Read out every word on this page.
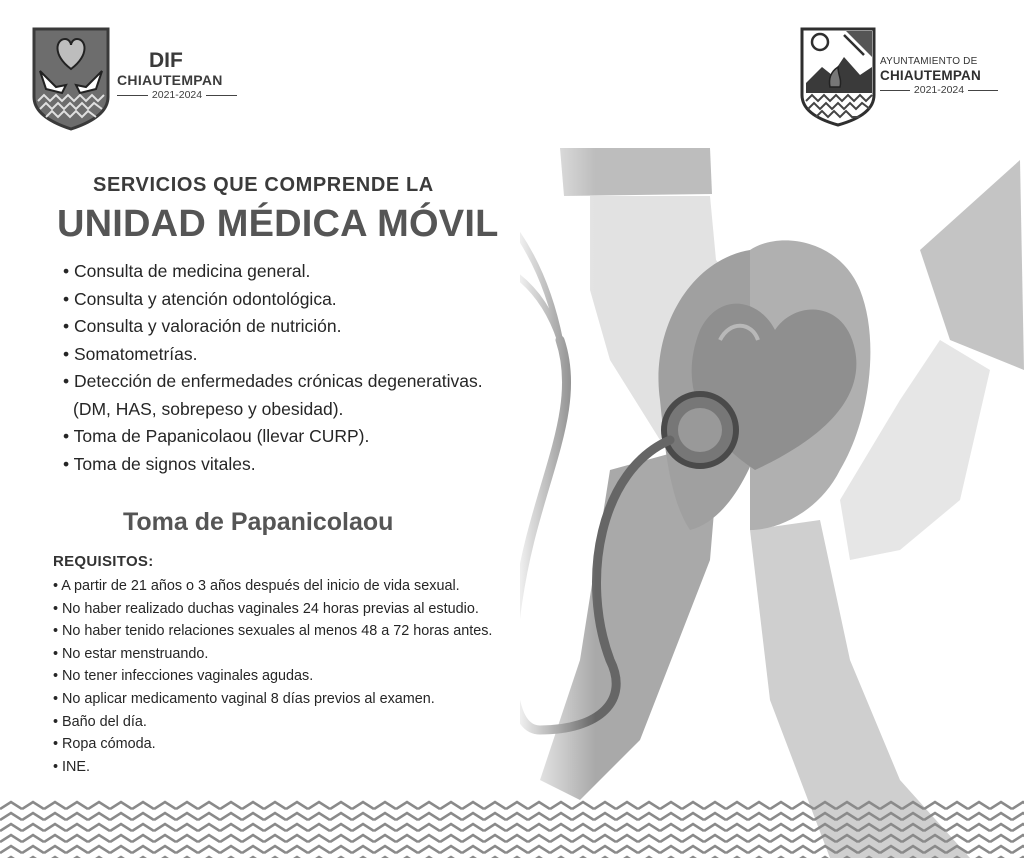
DIF
CHIAUTEMPAN
2021-2024
AYUNTAMIENTO DE
CHIAUTEMPAN
2021-2024
SERVICIOS QUE COMPRENDE LA
UNIDAD MÉDICA MÓVIL
• Consulta de medicina general.
• Consulta y atención odontológica.
• Consulta y valoración de nutrición.
• Somatometrías.
• Detección de enfermedades crónicas degenerativas.
(DM, HAS, sobrepeso y obesidad).
• Toma de Papanicolaou (llevar CURP).
• Toma de signos vitales.
Toma de Papanicolaou
REQUISITOS:
• A partir de 21 años o 3 años después del inicio de vida sexual.
• No haber realizado duchas vaginales 24 horas previas al estudio.
• No haber tenido relaciones sexuales al menos 48 a 72 horas antes.
• No estar menstruando.
• No tener infecciones vaginales agudas.
• No aplicar medicamento vaginal 8 días previos al examen.
• Baño del día.
• Ropa cómoda.
• INE.
